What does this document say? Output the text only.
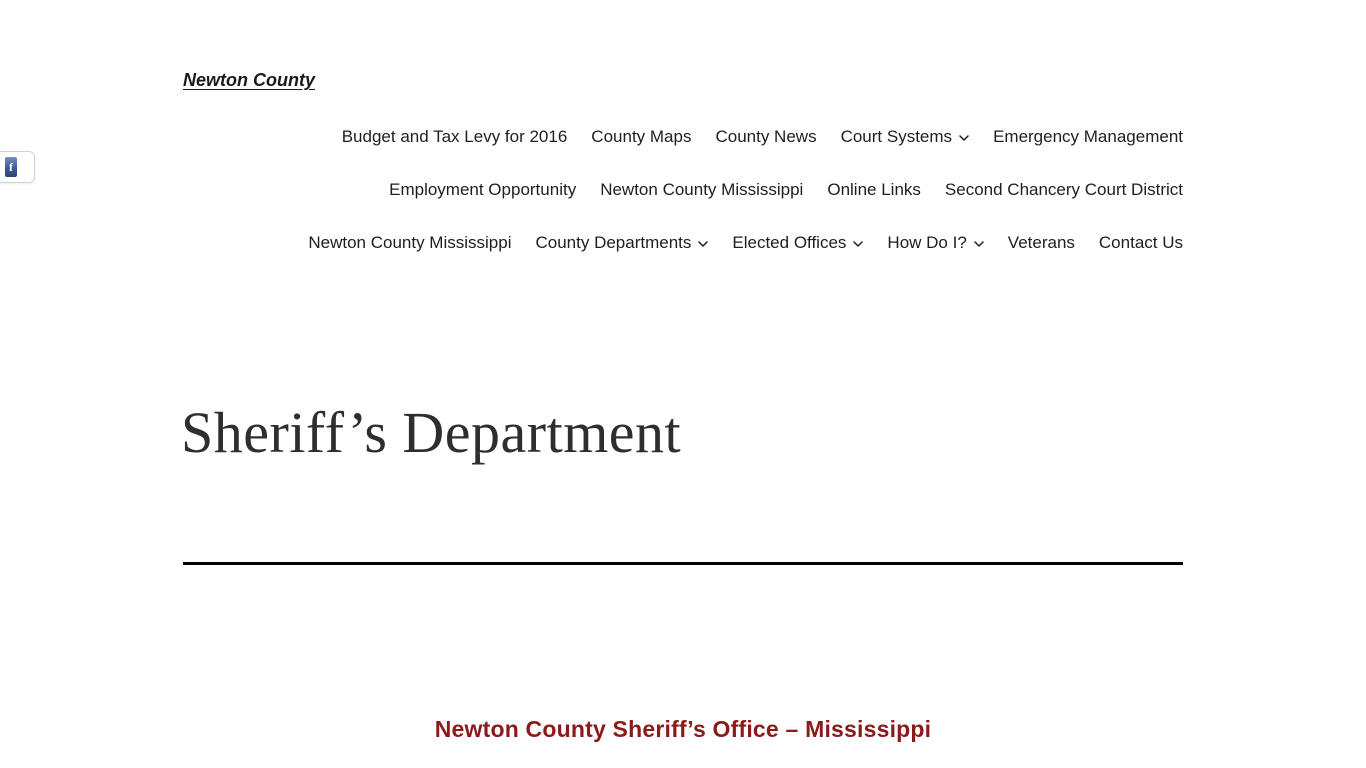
Newton County
f
Budget and Tax Levy for 2016 County Maps County News Court Systems Emergency Management
Employment Opportunity Newton County Mississippi Online Links Second Chancery Court District
Newton County Mississippi County Departments Elected Offices How Do I? Veterans Contact Us
Sheriff’s Department
Newton County Sheriff’s Office – Mississippi
